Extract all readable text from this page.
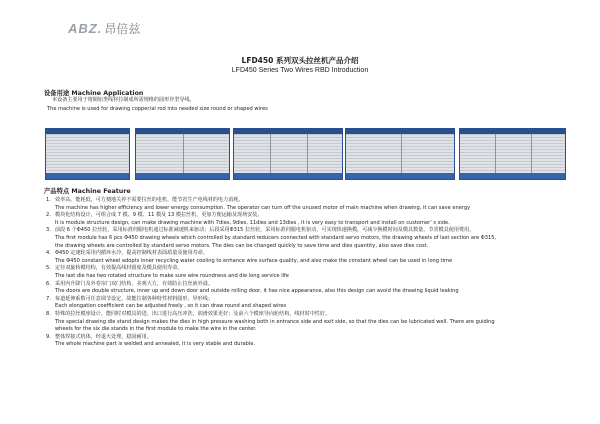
ABZ. 昂倍兹
LFD450 系列双头拉丝机产品介绍
LFD450 Series Two Wires RBD Introduction
设备用途 Machine Application
本设备主要用于将铜铝类线材拉制成所需规格的圆形异型导线。
The machine is used for drawing copper/al rod into needed size round or shaped wires
产品特点 Machine Feature
1. 效率高、能耗低，可方便地关停不需要拉丝的电机，能节省生产电线材的电力消耗。
The machine has higher efficiency and lower energy consumption. The operator can turn off the unused motor of main machine when drawing, it can save energy
2. 模块化结构设计，可组合成 7 模、9 模、11 模及 13 模拉丝机，更加方便运输及现场安装。
It is module structure design, can make drawing machine with 7dies, 9dies, 11dies and 13dies , it is very easy to transport and install on customer’ s side.
3. 前段 6 个Φ450 拉丝轮，采用标准伺服电机通过标准减速机来驱动；后段采用Φ315 拉丝轮，采用标准伺服电机驱动，可实现快速换模，可减少换模时间及模具数量，节省模具使用费用。
The first module has 6 pcs Φ450 drawing wheels which controlled by standard reducers connected with standard servo motors, the drawing wheels of last section are Φ315,
the drawing wheels are controlled by standard servo motors. The dies can be changed quickly to save time and dies quantity, also save dies cost.
4. Φ450 定速轮采用内循环水冷，提高控制线材表面质量及使用寿命。
The Φ450 constant wheel adopts inner recycling water cooling to enhance wire surface quality, and also make the constant wheel can be used in long time
5. 定径双旋转模结构，有效提高线材圆度及模具使用寿命。
The last die has two rotated structure to make sure wire roundness and die long service life
6. 采用内升降门及外卷帘门双门结构，美观大方，有效防止拉丝液外溢。
The doors are double structure, inner up and down door and outside rolling door, it has nice appearance, also this design can avoid the drawing liquid leaking
7. 每道延伸系数可任意调节设定，故能拉制各种特性材料圆形、异形线；
Each elongation coefficient can be adjusted freely , so it can draw round and shaped wires
8. 特殊的拉丝模座设计，能同时对模具的进、出口进行高压冲洗，润滑效果更好；及前六个模座导向轮结构，线材时中性好。
The special drawing die stand design makes the dies in high pressure washing both in entrance side and exit side, so that the dies can be lubricated well. There are guiding
wheels for the six die stands in the first module to make the wire in the center.
9. 整体焊接式机体，经退火处理，稳固耐用。
The whole machine part is welded and annealed, it is very stable and durable.
